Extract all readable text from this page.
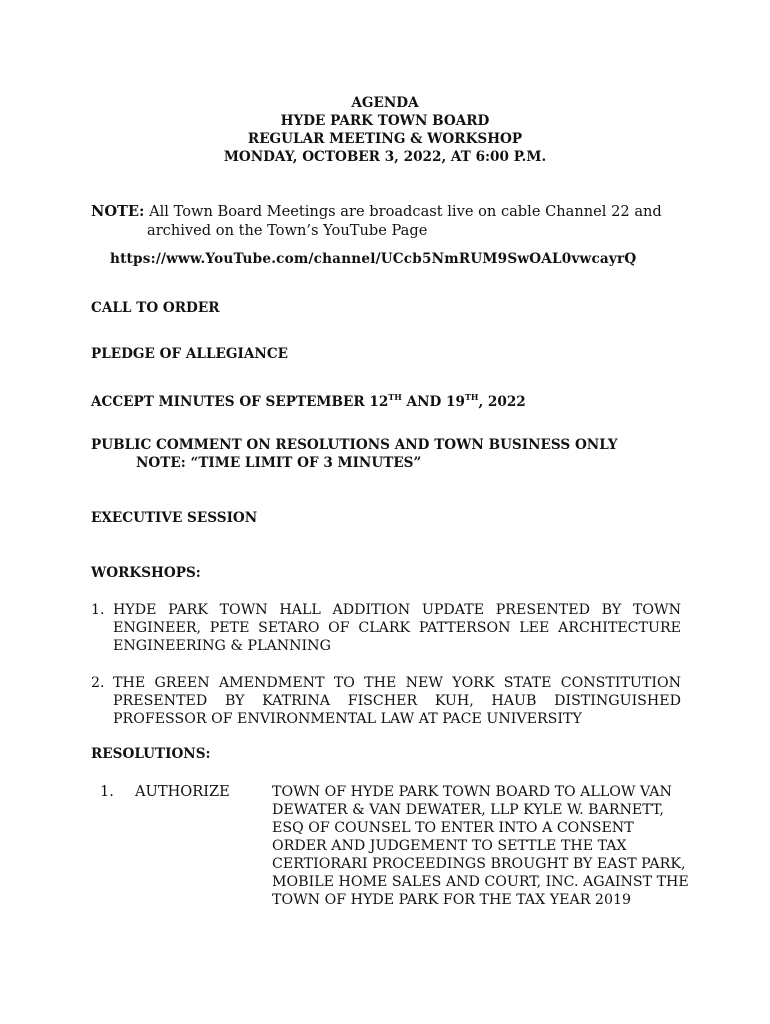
AGENDA
HYDE PARK TOWN BOARD
REGULAR MEETING & WORKSHOP
MONDAY, OCTOBER 3, 2022, AT 6:00 P.M.
NOTE: All Town Board Meetings are broadcast live on cable Channel 22 and
archived on the Town’s YouTube Page
https://www.YouTube.com/channel/UCcb5NmRUM9SwOAL0vwcayrQ
CALL TO ORDER
PLEDGE OF ALLEGIANCE
ACCEPT MINUTES OF SEPTEMBER 12TH AND 19TH, 2022
PUBLIC COMMENT ON RESOLUTIONS AND TOWN BUSINESS ONLY
NOTE: “TIME LIMIT OF 3 MINUTES”
EXECUTIVE SESSION
WORKSHOPS:
1. HYDE PARK TOWN HALL ADDITION UPDATE PRESENTED BY TOWN ENGINEER, PETE SETARO OF CLARK PATTERSON LEE ARCHITECTURE ENGINEERING & PLANNING
2. THE GREEN AMENDMENT TO THE NEW YORK STATE CONSTITUTION PRESENTED BY KATRINA FISCHER KUH, HAUB DISTINGUISHED PROFESSOR OF ENVIRONMENTAL LAW AT PACE UNIVERSITY
RESOLUTIONS:
1. AUTHORIZE	TOWN OF HYDE PARK TOWN BOARD TO ALLOW VAN DEWATER & VAN DEWATER, LLP KYLE W. BARNETT, ESQ OF COUNSEL TO ENTER INTO A CONSENT ORDER AND JUDGEMENT TO SETTLE THE TAX CERTIORARI PROCEEDINGS BROUGHT BY EAST PARK, MOBILE HOME SALES AND COURT, INC. AGAINST THE TOWN OF HYDE PARK FOR THE TAX YEAR 2019
